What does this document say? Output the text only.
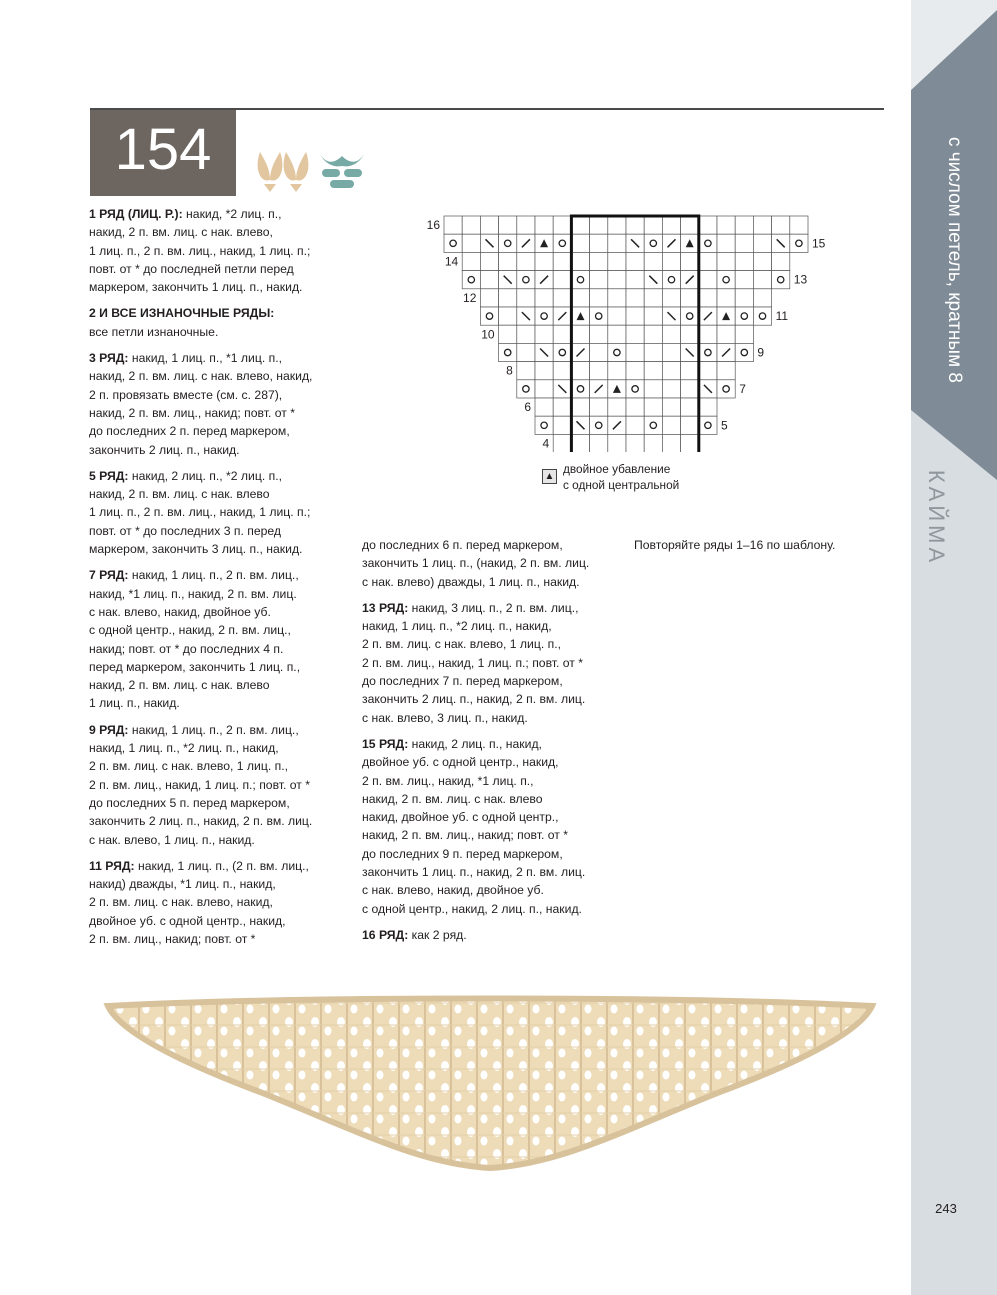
с числом петель, кратным 8
КАЙМА
243
154

1 РЯД (ЛИЦ. Р.): накид, *2 лиц. п.,
накид, 2 п. вм. лиц. с нак. влево,
1 лиц. п., 2 п. вм. лиц., накид, 1 лиц. п.;
повт. от * до последней петли перед
маркером, закончить 1 лиц. п., накид.

2 И ВСЕ ИЗНАНОЧНЫЕ РЯДЫ:
все петли изнаночные.

3 РЯД: накид, 1 лиц. п., *1 лиц. п.,
накид, 2 п. вм. лиц. с нак. влево, накид,
2 п. провязать вместе (см. с. 287),
накид, 2 п. вм. лиц., накид; повт. от *
до последних 2 п. перед маркером,
закончить 2 лиц. п., накид.

5 РЯД: накид, 2 лиц. п., *2 лиц. п.,
накид, 2 п. вм. лиц. с нак. влево
1 лиц. п., 2 п. вм. лиц., накид, 1 лиц. п.;
повт. от * до последних 3 п. перед
маркером, закончить 3 лиц. п., накид.

7 РЯД: накид, 1 лиц. п., 2 п. вм. лиц.,
накид, *1 лиц. п., накид, 2 п. вм. лиц.
с нак. влево, накид, двойное уб.
с одной центр., накид, 2 п. вм. лиц.,
накид; повт. от * до последних 4 п.
перед маркером, закончить 1 лиц. п.,
накид, 2 п. вм. лиц. с нак. влево
1 лиц. п., накид.

9 РЯД: накид, 1 лиц. п., 2 п. вм. лиц.,
накид, 1 лиц. п., *2 лиц. п., накид,
2 п. вм. лиц. с нак. влево, 1 лиц. п.,
2 п. вм. лиц., накид, 1 лиц. п.; повт. от *
до последних 5 п. перед маркером,
закончить 2 лиц. п., накид, 2 п. вм. лиц.
с нак. влево, 1 лиц. п., накид.

11 РЯД: накид, 1 лиц. п., (2 п. вм. лиц.,
накид) дважды, *1 лиц. п., накид,
2 п. вм. лиц. с нак. влево, накид,
двойное уб. с одной центр., накид,
2 п. вм. лиц., накид; повт. от *

до последних 6 п. перед маркером,
закончить 1 лиц. п., (накид, 2 п. вм. лиц.
с нак. влево) дважды, 1 лиц. п., накид.

13 РЯД: накид, 3 лиц. п., 2 п. вм. лиц.,
накид, 1 лиц. п., *2 лиц. п., накид,
2 п. вм. лиц. с нак. влево, 1 лиц. п.,
2 п. вм. лиц., накид, 1 лиц. п.; повт. от *
до последних 7 п. перед маркером,
закончить 2 лиц. п., накид, 2 п. вм. лиц.
с нак. влево, 3 лиц. п., накид.

15 РЯД: накид, 2 лиц. п., накид,
двойное уб. с одной центр., накид,
2 п. вм. лиц., накид, *1 лиц. п.,
накид, 2 п. вм. лиц. с нак. влево
накид, двойное уб. с одной центр.,
накид, 2 п. вм. лиц., накид; повт. от *
до последних 9 п. перед маркером,
закончить 1 лиц. п., накид, 2 п. вм. лиц.
с нак. влево, накид, двойное уб.
с одной центр., накид, 2 лиц. п., накид.

16 РЯД: как 2 ряд.

Повторяйте ряды 1–16 по шаблону.
16
15
14
13
12
11
10
9
8
7
6
5
4
▲ двойное убавление
с одной центральной
